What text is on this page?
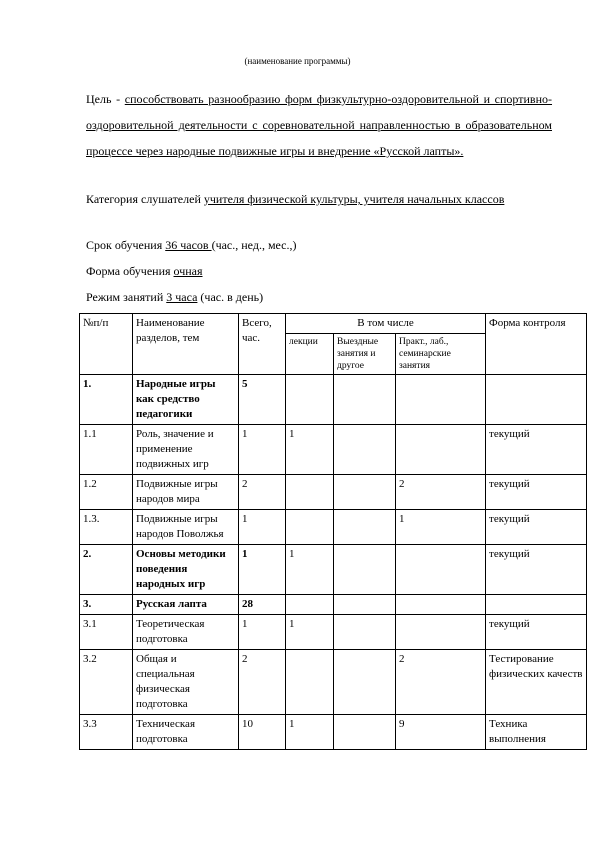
(наименование программы)
Цель - способствовать разнообразию форм физкультурно-оздоровительной и спортивно-оздоровительной деятельности с соревновательной направленностью в образовательном процессе через народные подвижные игры и внедрение «Русской лапты».
Категория слушателей учителя физической культуры, учителя начальных классов
Срок обучения 36 часов (час., нед., мес.,)
Форма обучения очная
Режим занятий 3 часа (час. в день)
№п/п	Наименование разделов, тем	Всего, час.	В том числе			Форма контроля
			лекции	Выездные занятия и другое	Практ., лаб., семинарские занятия	
1.	Народные игры как средство педагогики	5				
1.1	Роль, значение и применение подвижных игр	1	1			текущий
1.2	Подвижные игры народов мира	2			2	текущий
1.3.	Подвижные игры народов Поволжья	1			1	текущий
2.	Основы методики поведения народных игр	1	1			текущий
3.	Русская лапта	28				
3.1	Теоретическая подготовка	1	1			текущий
3.2	Общая и специальная физическая подготовка	2			2	Тестирование физических качеств
3.3	Техническая подготовка	10	1		9	Техника выполнения
